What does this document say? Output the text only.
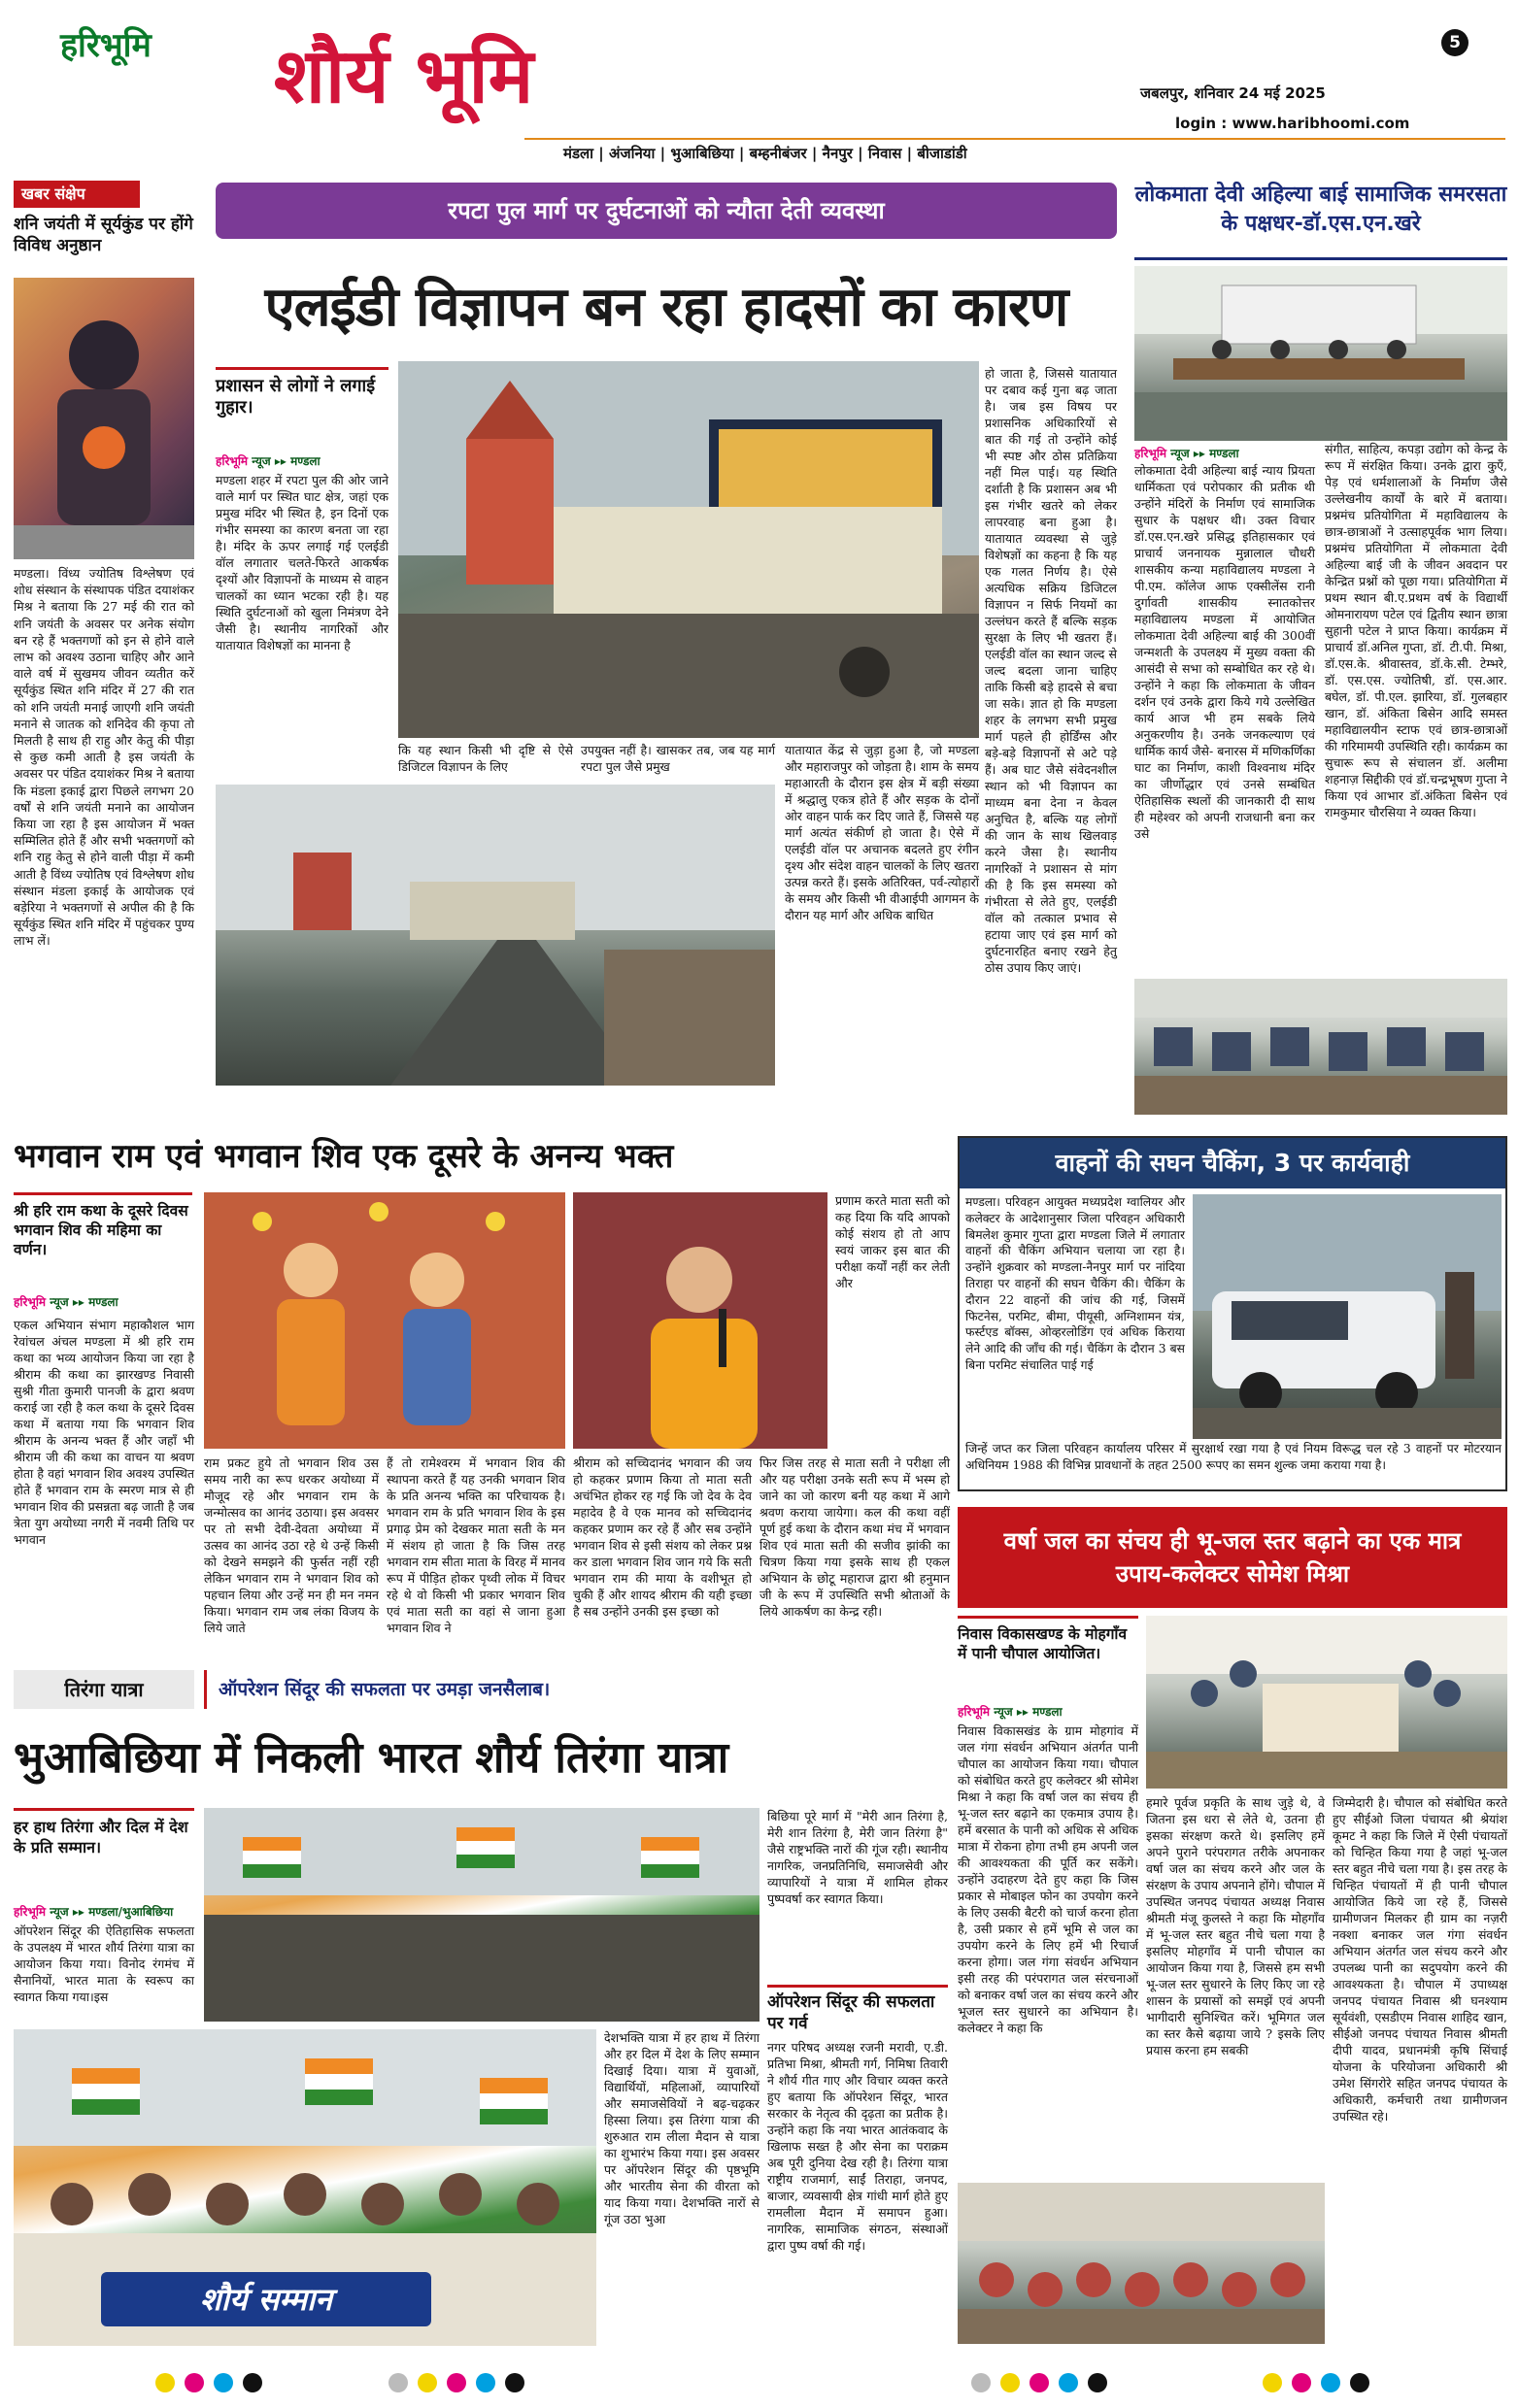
हरिभूमि शौर्य भूमि	5
जबलपुर, शनिवार 24 मई 2025
login : www.haribhoomi.com
मंडला | अंजनिया | भुआबिछिया | बम्हनीबंजर | नैनपुर | निवास | बीजाडांडी
खबर संक्षेप
शनि जयंती में सूर्यकुंड पर होंगे विविध अनुष्ठान
मण्डला। विंध्य ज्योतिष विश्लेषण एवं शोध संस्थान के संस्थापक पंडित दयाशंकर मिश्र ने बताया कि 27 मई की रात को शनि जयंती के अवसर पर अनेक संयोग बन रहे हैं भक्तगणों को इन से होने वाले लाभ को अवश्य उठाना चाहिए और आने वाले वर्ष में सुखमय जीवन व्यतीत करें सूर्यकुंड स्थित शनि मंदिर में 27 की रात को शनि जयंती मनाई जाएगी शनि जयंती मनाने से जातक को शनिदेव की कृपा तो मिलती है साथ ही राहु और केतु की पीड़ा से कुछ कमी आती है इस जयंती के अवसर पर पंडित दयाशंकर मिश्र ने बताया कि मंडला इकाई द्वारा पिछले लगभग 20 वर्षों से शनि जयंती मनाने का आयोजन किया जा रहा है इस आयोजन में भक्त सम्मिलित होते हैं और सभी भक्तगणों को शनि राहु केतु से होने वाली पीड़ा में कमी आती है विंध्य ज्योतिष एवं विश्लेषण शोध संस्थान मंडला इकाई के आयोजक एवं बड़ेरिया ने भक्तगणों से अपील की है कि सूर्यकुंड स्थित शनि मंदिर में पहुंचकर पुण्य लाभ लें।
रपटा पुल मार्ग पर दुर्घटनाओं को न्यौता देती व्यवस्था
एलईडी विज्ञापन बन रहा हादसों का कारण
प्रशासन से लोगों ने लगाई गुहार।
हरिभूमि न्यूज ▸▸ मण्डला
मण्डला शहर में रपटा पुल की ओर जाने वाले मार्ग पर स्थित घाट क्षेत्र, जहां एक प्रमुख मंदिर भी स्थित है, इन दिनों एक गंभीर समस्या का कारण बनता जा रहा है। मंदिर के ऊपर लगाई गई एलईडी वॉल लगातार चलते-फिरते आकर्षक दृश्यों और विज्ञापनों के माध्यम से वाहन चालकों का ध्यान भटका रही है। यह स्थिति दुर्घटनाओं को खुला निमंत्रण देने जैसी है। स्थानीय नागरिकों और यातायात विशेषज्ञों का मानना है
कि यह स्थान किसी भी दृष्टि से ऐसे डिजिटल विज्ञापन के लिए
उपयुक्त नहीं है। खासकर तब, जब यह मार्ग रपटा पुल जैसे प्रमुख
यातायात केंद्र से जुड़ा हुआ है, जो मण्डला और महाराजपुर को जोड़ता है। शाम के समय महाआरती के दौरान इस क्षेत्र में बड़ी संख्या में श्रद्धालु एकत्र होते हैं और सड़क के दोनों ओर वाहन पार्क कर दिए जाते हैं, जिससे यह मार्ग अत्यंत संकीर्ण हो जाता है। ऐसे में एलईडी वॉल पर अचानक बदलते हुए रंगीन दृश्य और संदेश वाहन चालकों के लिए खतरा उत्पन्न करते हैं। इसके अतिरिक्त, पर्व-त्योहारों के समय और किसी भी वीआईपी आगमन के दौरान यह मार्ग और अधिक बाधित
हो जाता है, जिससे यातायात पर दबाव कई गुना बढ़ जाता है। जब इस विषय पर प्रशासनिक अधिकारियों से बात की गई तो उन्होंने कोई भी स्पष्ट और ठोस प्रतिक्रिया नहीं मिल पाई। यह स्थिति दर्शाती है कि प्रशासन अब भी इस गंभीर खतरे को लेकर लापरवाह बना हुआ है। यातायात व्यवस्था से जुड़े विशेषज्ञों का कहना है कि यह एक गलत निर्णय है। ऐसे अत्यधिक सक्रिय डिजिटल विज्ञापन न सिर्फ नियमों का उल्लंघन करते हैं बल्कि सड़क सुरक्षा के लिए भी खतरा हैं। एलईडी वॉल का स्थान जल्द से जल्द बदला जाना चाहिए ताकि किसी बड़े हादसे से बचा जा सके। ज्ञात हो कि मण्डला शहर के लगभग सभी प्रमुख मार्ग पहले ही होर्डिंग्स और बड़े-बड़े विज्ञापनों से अटे पड़े हैं। अब घाट जैसे संवेदनशील स्थान को भी विज्ञापन का माध्यम बना देना न केवल अनुचित है, बल्कि यह लोगों की जान के साथ खिलवाड़ करने जैसा है। स्थानीय नागरिकों ने प्रशासन से मांग की है कि इस समस्या को गंभीरता से लेते हुए, एलईडी वॉल को तत्काल प्रभाव से हटाया जाए एवं इस मार्ग को दुर्घटनारहित बनाए रखने हेतु ठोस उपाय किए जाएं।
लोकमाता देवी अहिल्या बाई सामाजिक समरसता के पक्षधर-डॉ.एस.एन.खरे
हरिभूमि न्यूज ▸▸ मण्डला
लोकमाता देवी अहिल्या बाई न्याय प्रियता धार्मिकता एवं परोपकार की प्रतीक थी उन्होंने मंदिरों के निर्माण एवं सामाजिक सुधार के पक्षधर थी। उक्त विचार डॉ.एस.एन.खरे प्रसिद्ध इतिहासकार एवं प्राचार्य जननायक मुन्नालाल चौधरी शासकीय कन्या महाविद्यालय मण्डला ने पी.एम. कॉलेज आफ एक्सीलेंस रानी दुर्गावती शासकीय स्नातकोत्तर महाविद्यालय मण्डला में आयोजित लोकमाता देवी अहिल्या बाई की 300वीं जन्मशती के उपलक्ष्य में मुख्य वक्ता की आसंदी से सभा को सम्बोधित कर रहे थे। उन्होंने ने कहा कि लोकमाता के जीवन दर्शन एवं उनके द्वारा किये गये उल्लेखित कार्य आज भी हम सबके लिये अनुकरणीय है। उनके जनकल्याण एवं धार्मिक कार्य जैसे- बनारस में मणिकर्णिका घाट का निर्माण, काशी विश्वनाथ मंदिर का जीर्णोद्धार एवं उनसे सम्बंधित ऐतिहासिक स्थलों की जानकारी दी साथ ही महेश्वर को अपनी राजधानी बना कर उसे
संगीत, साहित्य, कपड़ा उद्योग को केन्द्र के रूप में संरक्षित किया। उनके द्वारा कुएँ, पेड़ एवं धर्मशालाओं के निर्माण जैसे उल्लेखनीय कार्यों के बारे में बताया। प्रश्नमंच प्रतियोगिता में महाविद्यालय के छात्र-छात्राओं ने उत्साहपूर्वक भाग लिया। प्रश्नमंच प्रतियोगिता में लोकमाता देवी अहिल्या बाई जी के जीवन अवदान पर केन्द्रित प्रश्नों को पूछा गया। प्रतियोगिता में प्रथम स्थान बी.ए.प्रथम वर्ष के विद्यार्थी ओमनारायण पटेल एवं द्वितीय स्थान छात्रा सुहानी पटेल ने प्राप्त किया। कार्यक्रम में प्राचार्य डॉ.अनिल गुप्ता, डॉ. टी.पी. मिश्रा, डॉ.एस.के. श्रीवास्तव, डॉ.के.सी. टेम्भरे, डॉ. एस.एस. ज्योतिषी, डॉ. एस.आर. बघेल, डॉ. पी.एल. झारिया, डॉ. गुलबहार खान, डॉ. अंकिता बिसेन आदि समस्त महाविद्यालयीन स्टाफ एवं छात्र-छात्राओं की गरिमामयी उपस्थिति रही। कार्यक्रम का सुचारू रूप से संचालन डॉ. अलीमा शहनाज़ सिद्दीकी एवं डॉ.चन्द्रभूषण गुप्ता ने किया एवं आभार डॉ.अंकिता बिसेन एवं रामकुमार चौरसिया ने व्यक्त किया।
भगवान राम एवं भगवान शिव एक दूसरे के अनन्य भक्त
श्री हरि राम कथा के दूसरे दिवस भगवान शिव की महिमा का वर्णन।
हरिभूमि न्यूज ▸▸ मण्डला
एकल अभियान संभाग महाकौशल भाग रेवांचल अंचल मण्डला में श्री हरि राम कथा का भव्य आयोजन किया जा रहा है श्रीराम की कथा का झारखण्ड निवासी सुश्री गीता कुमारी पानजी के द्वारा श्रवण कराई जा रही है कल कथा के दूसरे दिवस कथा में बताया गया कि भगवान शिव श्रीराम के अनन्य भक्त हैं और जहाँ भी श्रीराम जी की कथा का वाचन या श्रवण होता है वहां भगवान शिव अवश्य उपस्थित होते हैं भगवान राम के स्मरण मात्र से ही भगवान शिव की प्रसन्नता बढ़ जाती है जब त्रेता युग अयोध्या नगरी में नवमी तिथि पर भगवान
प्रणाम करते माता सती को कह दिया कि यदि आपको कोई संशय हो तो आप स्वयं जाकर इस बात की परीक्षा कर्यों नहीं कर लेती और
राम प्रकट हुये तो भगवान शिव उस समय नारी का रूप धरकर अयोध्या में मौजूद रहे और भगवान राम के जन्मोत्सव का आनंद उठाया। इस अवसर पर तो सभी देवी-देवता अयोध्या में उत्सव का आनंद उठा रहे थे उन्हें किसी को देखने समझने की फुर्सत नहीं रही लेकिन भगवान राम ने भगवान शिव को पहचान लिया और उन्हें मन ही मन नमन किया। भगवान राम जब लंका विजय के लिये जाते
हैं तो रामेश्वरम में भगवान शिव की स्थापना करते हैं यह उनकी भगवान शिव के प्रति अनन्य भक्ति का परिचायक है। भगवान राम के प्रति भगवान शिव के इस प्रगाढ़ प्रेम को देखकर माता सती के मन में संशय हो जाता है कि जिस तरह भगवान राम सीता माता के विरह में मानव रूप में पीड़ित होकर पृथ्वी लोक में विचर रहे थे वो किसी भी प्रकार भगवान शिव एवं माता सती का वहां से जाना हुआ भगवान शिव ने
श्रीराम को सच्चिदानंद भगवान की जय हो कहकर प्रणाम किया तो माता सती अचंभित होकर रह गई कि जो देव के देव महादेव है वे एक मानव को सच्चिदानंद कहकर प्रणाम कर रहे हैं और सब उन्होंने भगवान शिव से इसी संशय को लेकर प्रश्न कर डाला भगवान शिव जान गये कि सती भगवान राम की माया के वशीभूत हो चुकी हैं और शायद श्रीराम की यही इच्छा है सब उन्होंने उनकी इस इच्छा को
फिर जिस तरह से माता सती ने परीक्षा ली और यह परीक्षा उनके सती रूप में भस्म हो जाने का जो कारण बनी यह कथा में आगे श्रवण कराया जायेगा। कल की कथा वहीं पूर्ण हुई कथा के दौरान कथा मंच में भगवान शिव एवं माता सती की सजीव झांकी का चित्रण किया गया इसके साथ ही एकल अभियान के छोटू महाराज द्वारा श्री हनुमान जी के रूप में उपस्थिति सभी श्रोताओं के लिये आकर्षण का केन्द्र रही।
वाहनों की सघन चैकिंग, 3 पर कार्यवाही
मण्डला। परिवहन आयुक्त मध्यप्रदेश ग्वालियर और कलेक्टर के आदेशानुसार जिला परिवहन अधिकारी बिमलेश कुमार गुप्ता द्वारा मण्डला जिले में लगातार वाहनों की चैकिंग अभियान चलाया जा रहा है। उन्होंने शुक्रवार को मण्डला-नैनपुर मार्ग पर नांदिया तिराहा पर वाहनों की सघन चैकिंग की। चैकिंग के दौरान 22 वाहनों की जांच की गई, जिसमें फिटनेस, परमिट, बीमा, पीयूसी, अग्निशामन यंत्र, फर्स्टएड बॉक्स, ओव्हरलोडिंग एवं अधिक किराया लेने आदि की जाँच की गई। चैकिंग के दौरान 3 बस बिना परमिट संचालित पाई गई
जिन्हें जप्त कर जिला परिवहन कार्यालय परिसर में सुरक्षार्थ रखा गया है एवं नियम विरूद्ध चल रहे 3 वाहनों पर मोटरयान अधिनियम 1988 की विभिन्न प्रावधानों के तहत 2500 रूपए का समन शुल्क जमा कराया गया है।
वर्षा जल का संचय ही भू-जल स्तर बढ़ाने का एक मात्र उपाय-कलेक्टर सोमेश मिश्रा
निवास विकासखण्ड के मोहगाँव में पानी चौपाल आयोजित।
हरिभूमि न्यूज ▸▸ मण्डला
निवास विकासखंड के ग्राम मोहगांव में जल गंगा संवर्धन अभियान अंतर्गत पानी चौपाल का आयोजन किया गया। चौपाल को संबोधित करते हुए कलेक्टर श्री सोमेश मिश्रा ने कहा कि वर्षा जल का संचय ही भू-जल स्तर बढ़ाने का एकमात्र उपाय है। हमें बरसात के पानी को अधिक से अधिक मात्रा में रोकना होगा तभी हम अपनी जल की आवश्यकता की पूर्ति कर सकेंगे। उन्होंने उदाहरण देते हुए कहा कि जिस प्रकार से मोबाइल फोन का उपयोग करने के लिए उसकी बैटरी को चार्ज करना होता है, उसी प्रकार से हमें भूमि से जल का उपयोग करने के लिए हमें भी रिचार्ज करना होगा। जल गंगा संवर्धन अभियान इसी तरह की परंपरागत जल संरचनाओं को बनाकर वर्षा जल का संचय करने और भूजल स्तर सुधारने का अभियान है। कलेक्टर ने कहा कि
हमारे पूर्वज प्रकृति के साथ जुड़े थे, वे जितना इस धरा से लेते थे, उतना ही इसका संरक्षण करते थे। इसलिए हमें अपने पुराने परंपरागत तरीके अपनाकर वर्षा जल का संचय करने और जल के संरक्षण के उपाय अपनाने होंगे। चौपाल में उपस्थित जनपद पंचायत अध्यक्ष निवास श्रीमती मंजू कुलस्ते ने कहा कि मोहगाँव में भू-जल स्तर बहुत नीचे चला गया है इसलिए मोहगाँव में पानी चौपाल का आयोजन किया गया है, जिससे हम सभी भू-जल स्तर सुधारने के लिए किए जा रहे शासन के प्रयासों को समझें एवं अपनी भागीदारी सुनिश्चित करें। भूमिगत जल का स्तर कैसे बढ़ाया जाये ? इसके लिए प्रयास करना हम सबकी
जिम्मेदारी है। चौपाल को संबोधित करते हुए सीईओ जिला पंचायत श्री श्रेयांश कूमट ने कहा कि जिले में ऐसी पंचायतों को चिन्हित किया गया है जहां भू-जल स्तर बहुत नीचे चला गया है। इस तरह के चिन्हित पंचायतों में ही पानी चौपाल आयोजित किये जा रहे हैं, जिससे ग्रामीणजन मिलकर ही ग्राम का नज़री नक्शा बनाकर जल गंगा संवर्धन अभियान अंतर्गत जल संचय करने और उपलब्ध पानी का सदुपयोग करने की आवश्यकता है। चौपाल में उपाध्यक्ष जनपद पंचायत निवास श्री घनश्याम सूर्यवंशी, एसडीएम निवास शाहिद खान, सीईओ जनपद पंचायत निवास श्रीमती दीपी यादव, प्रधानमंत्री कृषि सिंचाई योजना के परियोजना अधिकारी श्री उमेश सिंगरोरे सहित जनपद पंचायत के अधिकारी, कर्मचारी तथा ग्रामीणजन उपस्थित रहे।
तिरंगा यात्रा	ऑपरेशन सिंदूर की सफलता पर उमड़ा जनसैलाब।
भुआबिछिया में निकली भारत शौर्य तिरंगा यात्रा
हर हाथ तिरंगा और दिल में देश के प्रति सम्मान।
हरिभूमि न्यूज ▸▸ मण्डला/भुआबिछिया
ऑपरेशन सिंदूर की ऐतिहासिक सफलता के उपलक्ष्य में भारत शौर्य तिरंगा यात्रा का आयोजन किया गया। विनोद रंगमंच में सैनानियों, भारत माता के स्वरूप का स्वागत किया गया।इस
शौर्य सम्मान
बिछिया पूरे मार्ग में "मेरी आन तिरंगा है, मेरी शान तिरंगा है, मेरी जान तिरंगा है" जैसे राष्ट्रभक्ति नारों की गूंज रही। स्थानीय नागरिक, जनप्रतिनिधि, समाजसेवी और व्यापारियों ने यात्रा में शामिल होकर पुष्पवर्षा कर स्वागत किया।
ऑपरेशन सिंदूर की सफलता पर गर्व
नगर परिषद अध्यक्ष रजनी मरावी, ए.डी. प्रतिभा मिश्रा, श्रीमती गर्ग, निमिषा तिवारी ने शौर्य गीत गाए और विचार व्यक्त करते हुए बताया कि ऑपरेशन सिंदूर, भारत सरकार के नेतृत्व की दृढ़ता का प्रतीक है। उन्होंने कहा कि नया भारत आतंकवाद के खिलाफ सख्त है और सेना का पराक्रम अब पूरी दुनिया देख रही है। तिरंगा यात्रा राष्ट्रीय राजमार्ग, साईं तिराहा, जनपद, बाजार, व्यवसायी क्षेत्र गांधी मार्ग होते हुए रामलीला मैदान में समापन हुआ। नागरिक, सामाजिक संगठन, संस्थाओं द्वारा पुष्प वर्षा की गई।
देशभक्ति यात्रा में हर हाथ में तिरंगा और हर दिल में देश के लिए सम्मान दिखाई दिया। यात्रा में युवाओं, विद्यार्थियों, महिलाओं, व्यापारियों और समाजसेवियों ने बढ़-चढ़कर हिस्सा लिया। इस तिरंगा यात्रा की शुरुआत राम लीला मैदान से यात्रा का शुभारंभ किया गया। इस अवसर पर ऑपरेशन सिंदूर की पृष्ठभूमि और भारतीय सेना की वीरता को याद किया गया। देशभक्ति नारों से गूंज उठा भुआ
